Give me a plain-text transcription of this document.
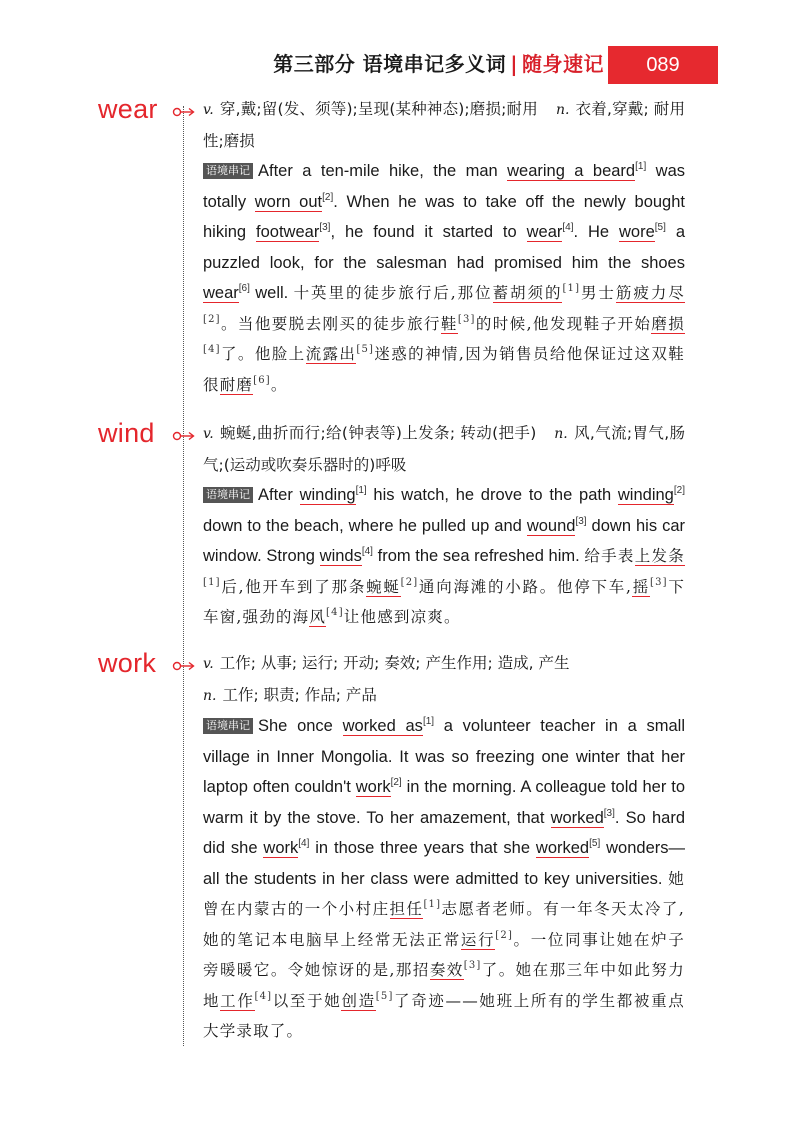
第三部分 语境串记多义词 | 随身速记	089
wear	v. 穿,戴;留(发、须等);呈现(某种神态);磨损;耐用 n. 衣着,穿戴; 耐用性;磨损

语境串记 After a ten-mile hike, the man wearing a beard[1] was totally worn out[2]. When he was to take off the newly bought hiking footwear[3], he found it started to wear[4]. He wore[5] a puzzled look, for the salesman had promised him the shoes wear[6] well. 十英里的徒步旅行后,那位蓄胡须的[1]男士筋疲力尽[2]。当他要脱去刚买的徒步旅行鞋[3]的时候,他发现鞋子开始磨损[4]了。他脸上流露出[5]迷惑的神情,因为销售员给他保证过这双鞋很耐磨[6]。

wind	v. 蜿蜒,曲折而行;给(钟表等)上发条; 转动(把手) n. 风,气流;胃气,肠气;(运动或吹奏乐器时的)呼吸

语境串记 After winding[1] his watch, he drove to the path winding[2] down to the beach, where he pulled up and wound[3] down his car window. Strong winds[4] from the sea refreshed him. 给手表上发条[1]后,他开车到了那条蜿蜒[2]通向海滩的小路。他停下车,摇[3]下车窗,强劲的海风[4]让他感到凉爽。

work	v. 工作; 从事; 运行; 开动; 奏效; 产生作用; 造成, 产生
n. 工作; 职责; 作品; 产品

语境串记 She once worked as[1] a volunteer teacher in a small village in Inner Mongolia. It was so freezing one winter that her laptop often couldn't work[2] in the morning. A colleague told her to warm it by the stove. To her amazement, that worked[3]. So hard did she work[4] in those three years that she worked[5] wonders—all the students in her class were admitted to key universities. 她曾在内蒙古的一个小村庄担任[1]志愿者老师。有一年冬天太冷了,她的笔记本电脑早上经常无法正常运行[2]。一位同事让她在炉子旁暖暖它。令她惊讶的是,那招奏效[3]了。她在那三年中如此努力地工作[4]以至于她创造[5]了奇迹——她班上所有的学生都被重点大学录取了。
